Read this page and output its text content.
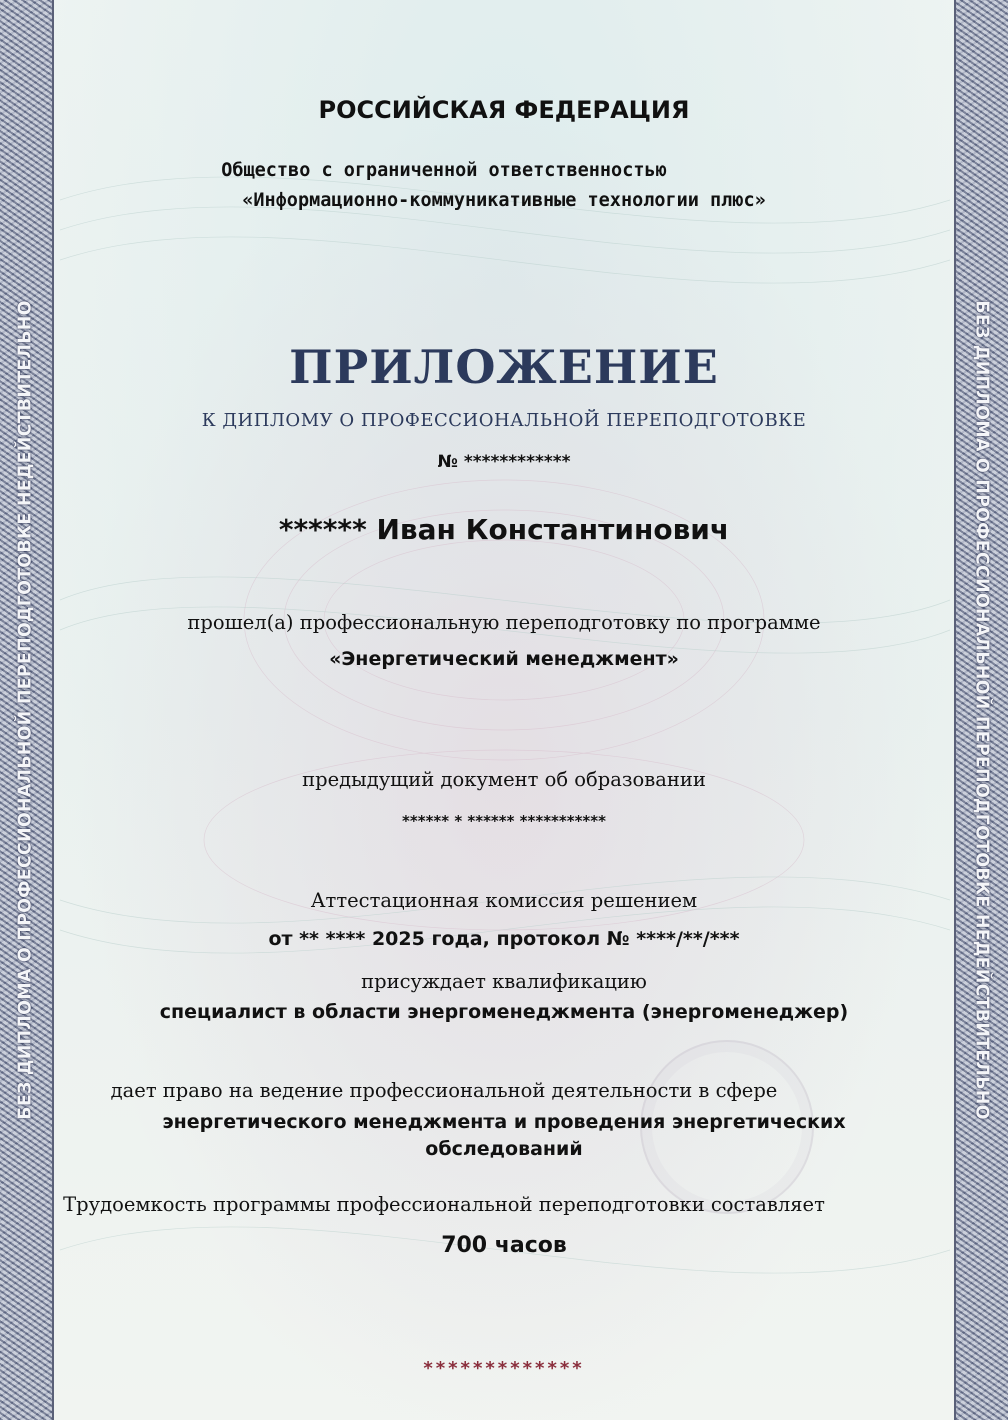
БЕЗ ДИПЛОМА О ПРОФЕССИОНАЛЬНОЙ ПЕРЕПОДГОТОВКЕ НЕДЕЙСТВИТЕЛЬНО	БЕЗ ДИПЛОМА О ПРОФЕССИОНАЛЬНОЙ ПЕРЕПОДГОТОВКЕ НЕДЕЙСТВИТЕЛЬНО
РОССИЙСКАЯ ФЕДЕРАЦИЯ
Общество с ограниченной ответственностью
«Информационно-коммуникативные технологии плюс»
ПРИЛОЖЕНИЕ
К ДИПЛОМУ О ПРОФЕССИОНАЛЬНОЙ ПЕРЕПОДГОТОВКЕ
№ ************
****** Иван Константинович
прошел(а) профессиональную переподготовку по программе
«Энергетический менеджмент»
предыдущий документ об образовании
****** * ****** ***********
Аттестационная комиссия решением
от ** **** 2025 года, протокол № ****/**/***
присуждает квалификацию
специалист в области энергоменеджмента (энергоменеджер)
дает право на ведение профессиональной деятельности в сфере
энергетического менеджмента и проведения энергетических
обследований
Трудоемкость программы профессиональной переподготовки составляет
700 часов
*************
